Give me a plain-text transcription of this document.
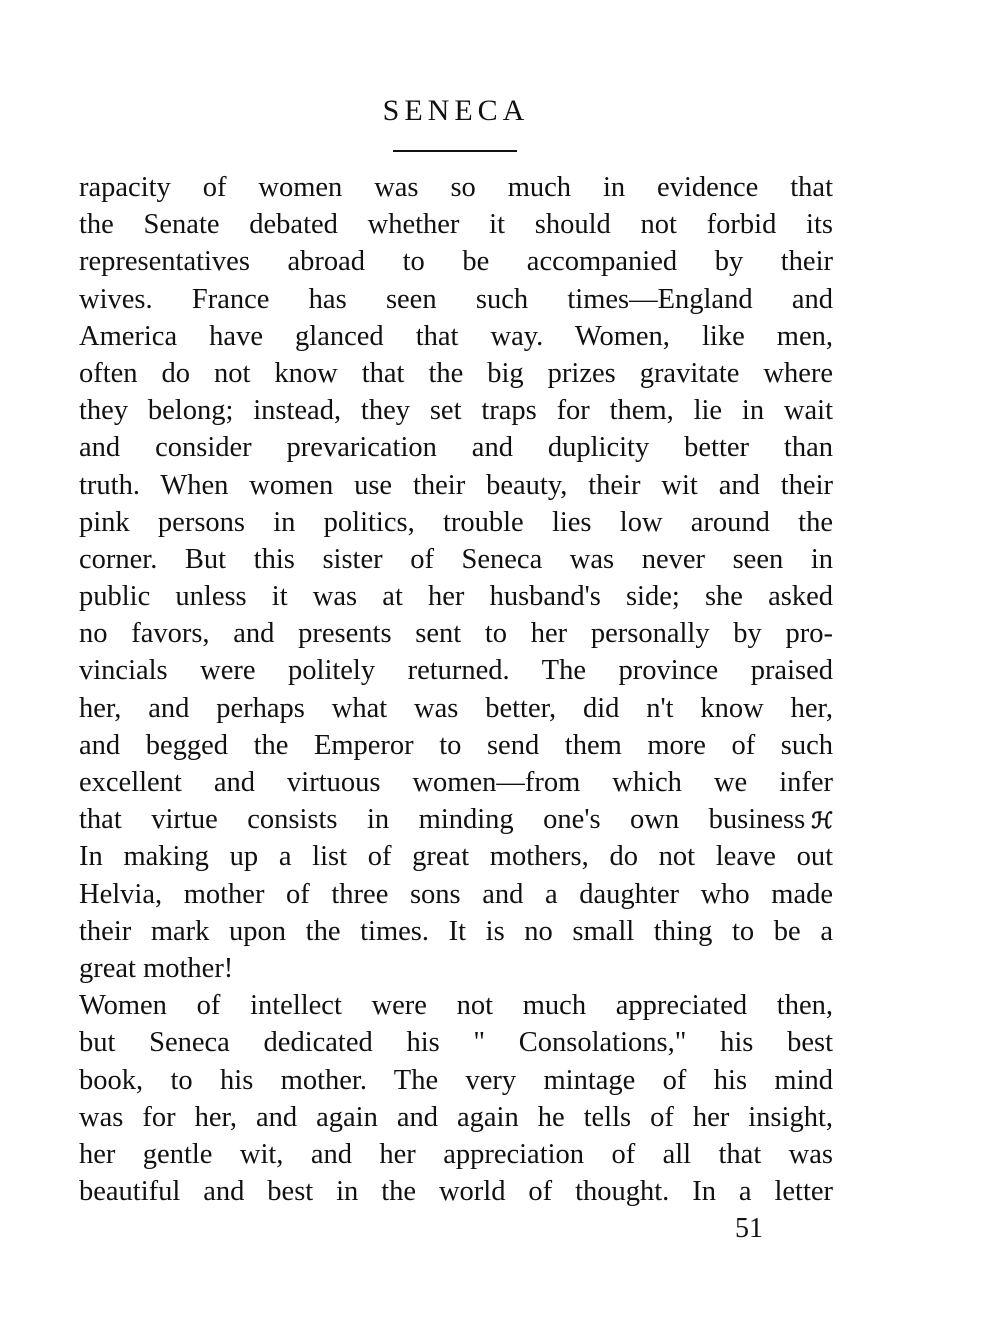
SENECA
rapacity of women was so much in evidence that
the Senate debated whether it should not forbid its
representatives abroad to be accompanied by their
wives. France has seen such times—England and
America have glanced that way. Women, like men,
often do not know that the big prizes gravitate where
they belong; instead, they set traps for them, lie in wait
and consider prevarication and duplicity better than
truth. When women use their beauty, their wit and their
pink persons in politics, trouble lies low around the
corner. But this sister of Seneca was never seen in
public unless it was at her husband's side; she asked
no favors, and presents sent to her personally by pro-
vincials were politely returned. The province praised
her, and perhaps what was better, did n't know her,
and begged the Emperor to send them more of such
excellent and virtuous women—from which we infer
that virtue consists in minding one's own business ℋ
In making up a list of great mothers, do not leave out
Helvia, mother of three sons and a daughter who made
their mark upon the times. It is no small thing to be a
great mother!
Women of intellect were not much appreciated then,
but Seneca dedicated his " Consolations," his best
book, to his mother. The very mintage of his mind
was for her, and again and again he tells of her insight,
her gentle wit, and her appreciation of all that was
beautiful and best in the world of thought. In a letter
51
